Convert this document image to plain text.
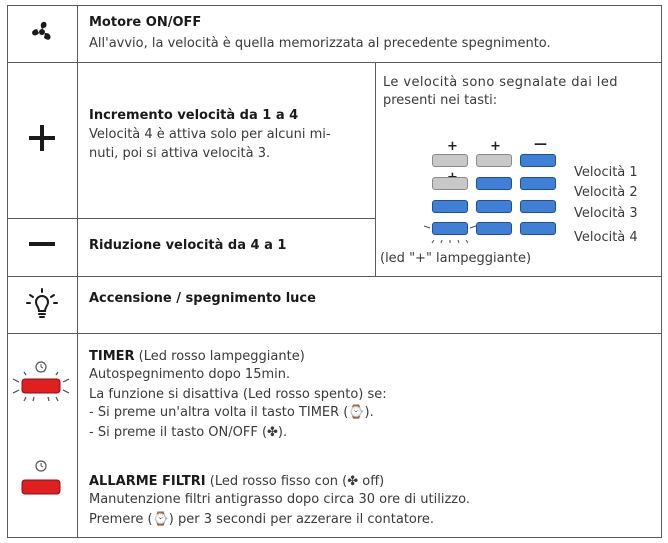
Motore ON/OFF
All'avvio, la velocità è quella memorizzata al precedente spegnimento.
Incremento velocità da 1 a 4
Velocità 4 è attiva solo per alcuni mi-
nuti, poi si attiva velocità 3.
Riduzione velocità da 4 a 1
Le velocità sono segnalate dai led
presenti nei tasti:
+ +	—
Velocità 1
Velocità 2
Velocità 3
Velocità 4
(led "+" lampeggiante)
Accensione / spegnimento luce
TIMER (Led rosso lampeggiante)
Autospegnimento dopo 15min.
La funzione si disattiva (Led rosso spento) se:
- Si preme un'altra volta il tasto TIMER (⌚).
- Si preme il tasto ON/OFF (✤).
ALLARME FILTRI (Led rosso fisso con (✤ off)
Manutenzione filtri antigrasso dopo circa 30 ore di utilizzo.
Premere (⌚) per 3 secondi per azzerare il contatore.
